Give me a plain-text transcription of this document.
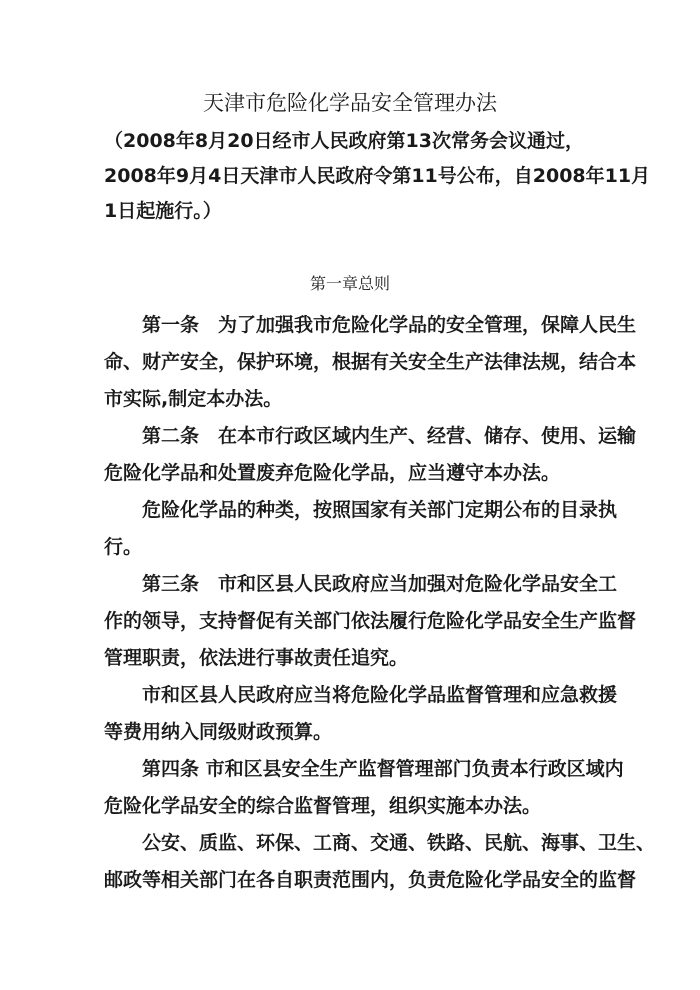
天津市危险化学品安全管理办法
（2008年8月20日经市人民政府第13次常务会议通过，
2008年9月4日天津市人民政府令第11号公布，自2008年11月
1日起施行。）
第一章总则
第一条　为了加强我市危险化学品的安全管理，保障人民生
命、财产安全，保护环境，根据有关安全生产法律法规，结合本
市实际,制定本办法。
第二条　在本市行政区域内生产、经营、储存、使用、运输
危险化学品和处置废弃危险化学品，应当遵守本办法。
危险化学品的种类，按照国家有关部门定期公布的目录执
行。
第三条　市和区县人民政府应当加强对危险化学品安全工
作的领导，支持督促有关部门依法履行危险化学品安全生产监督
管理职责，依法进行事故责任追究。
市和区县人民政府应当将危险化学品监督管理和应急救援
等费用纳入同级财政预算。
第四条 市和区县安全生产监督管理部门负责本行政区域内
危险化学品安全的综合监督管理，组织实施本办法。
公安、质监、环保、工商、交通、铁路、民航、海事、卫生、
邮政等相关部门在各自职责范围内，负责危险化学品安全的监督
